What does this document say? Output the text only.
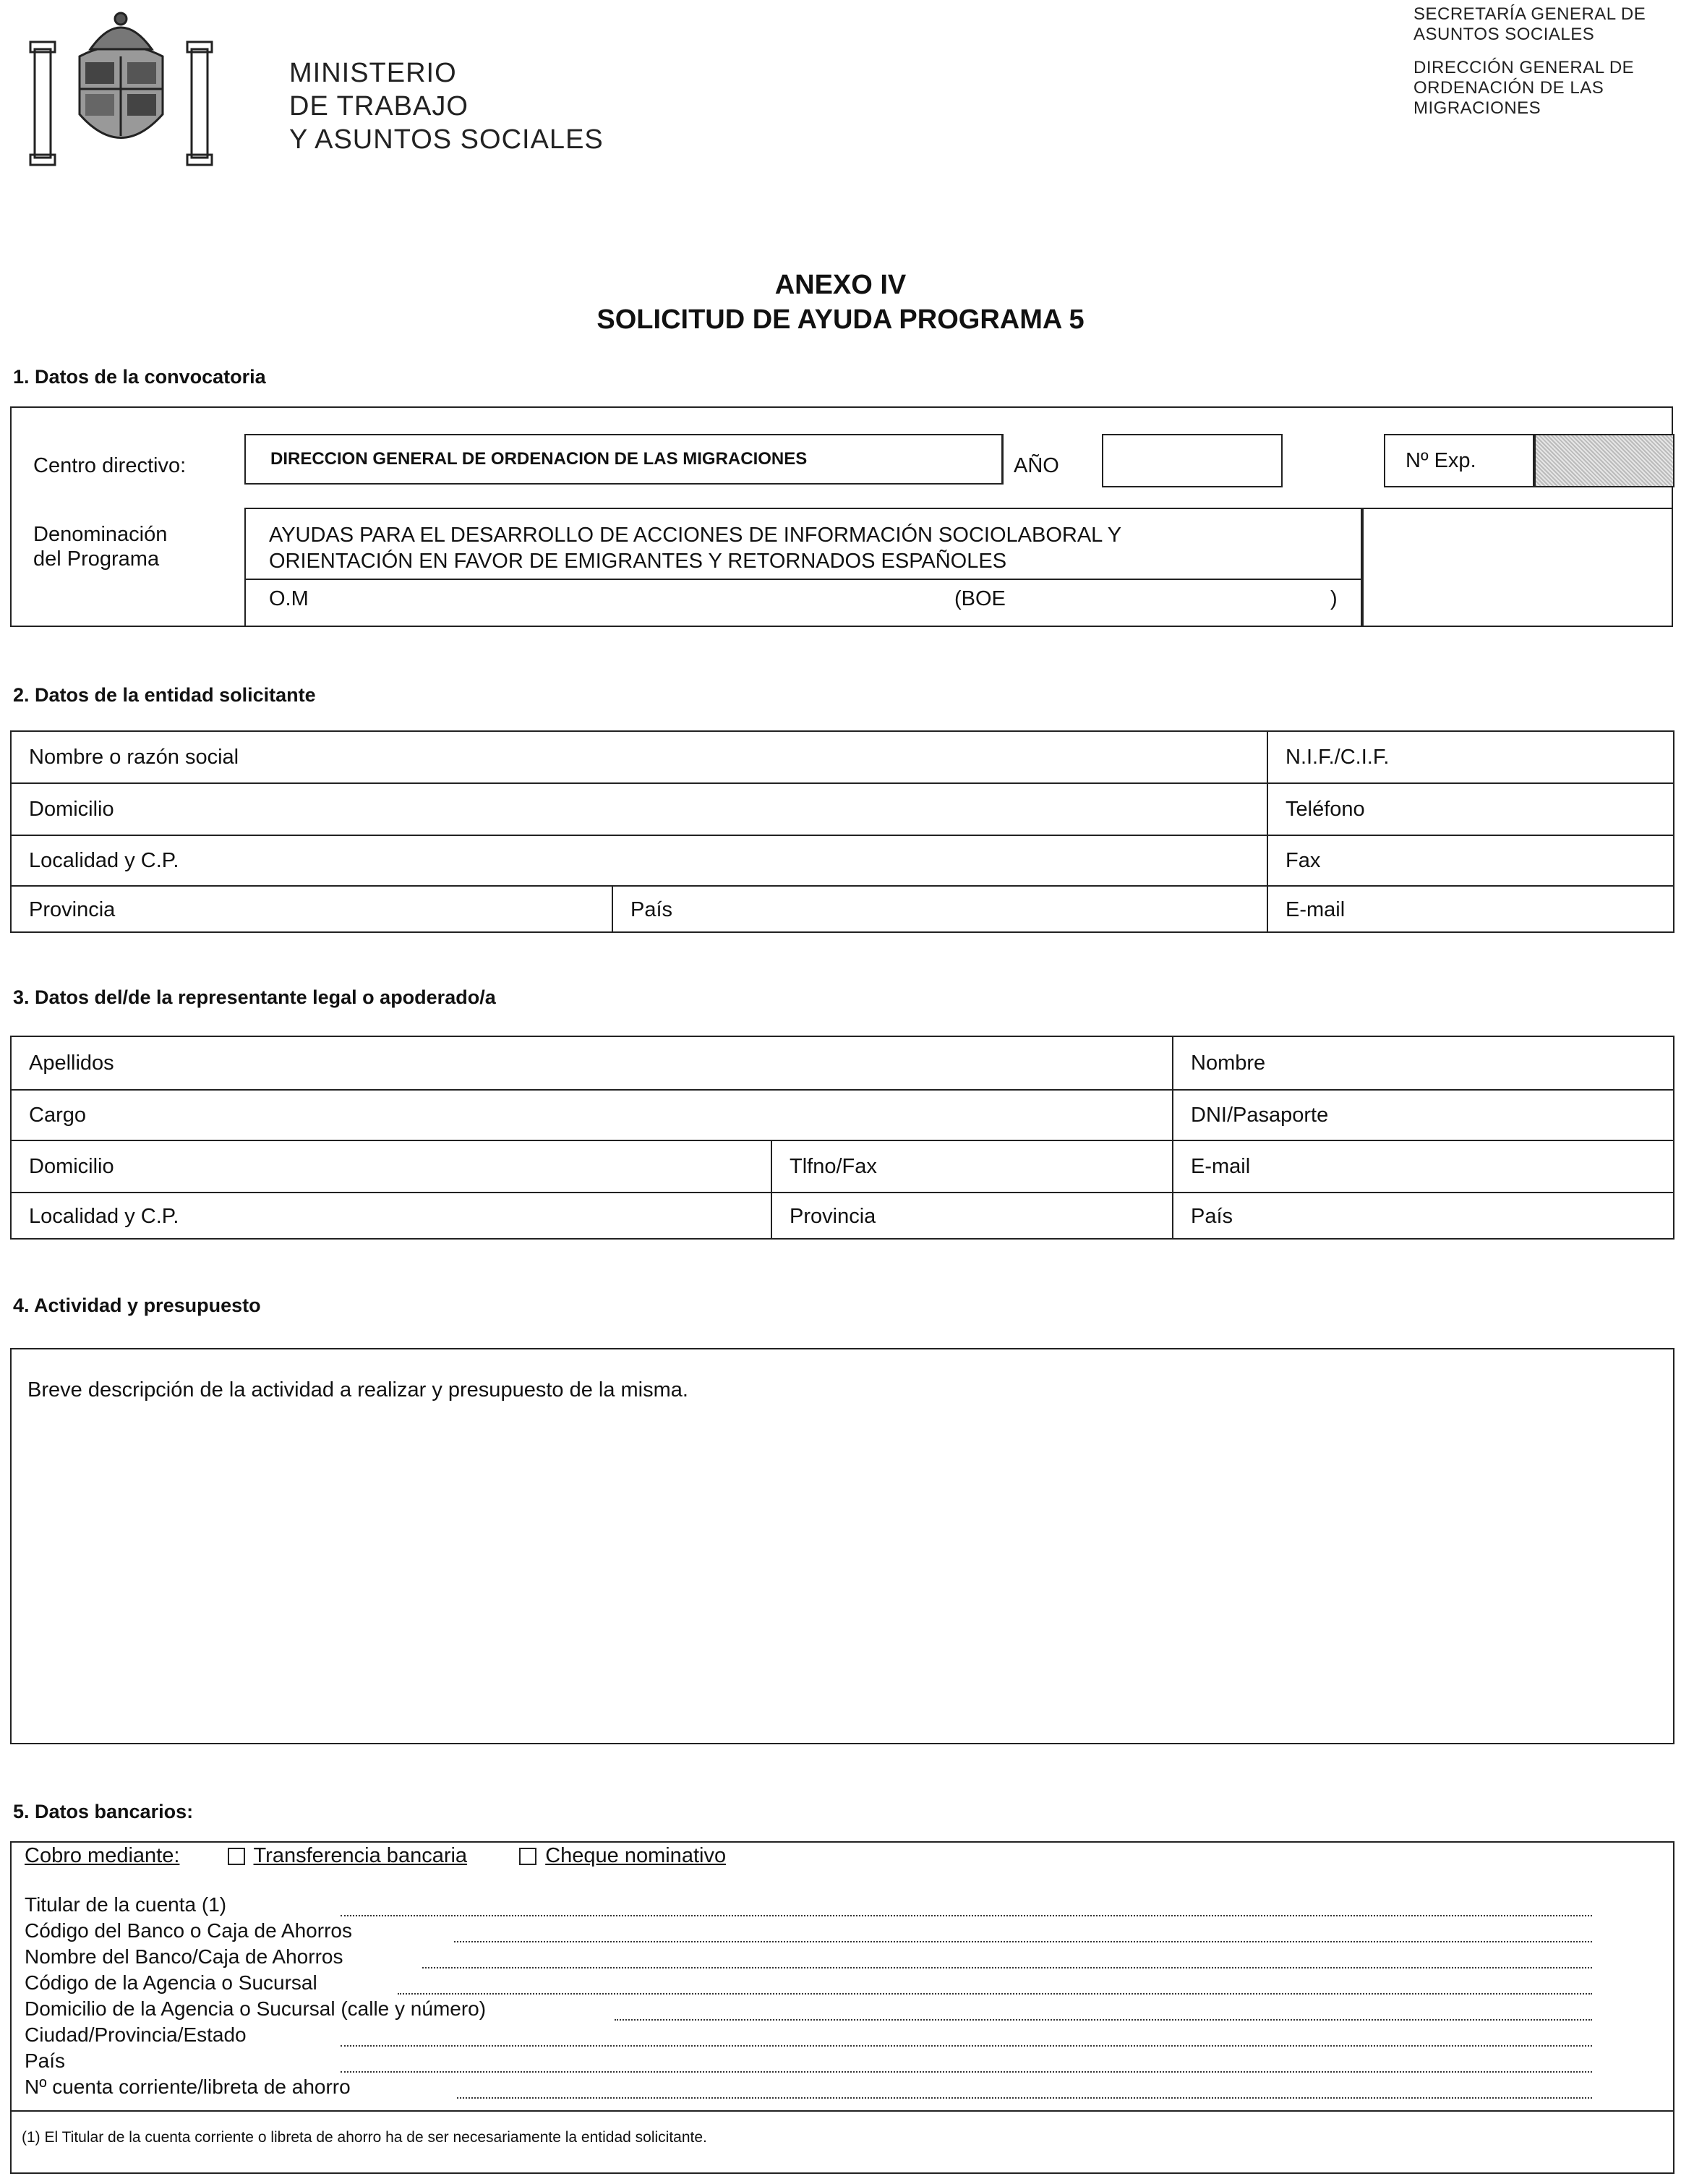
MINISTERIO
DE TRABAJO
Y ASUNTOS SOCIALES
SECRETARÍA GENERAL DE
ASUNTOS SOCIALES
DIRECCIÓN GENERAL DE
ORDENACIÓN DE LAS
MIGRACIONES
ANEXO IV
SOLICITUD DE AYUDA PROGRAMA 5
1. Datos de la convocatoria
Centro directivo:	DIRECCION GENERAL DE ORDENACION DE LAS MIGRACIONES	AÑO	Nº Exp.
Denominación
del Programa
AYUDAS PARA EL DESARROLLO DE ACCIONES DE INFORMACIÓN SOCIOLABORAL Y
ORIENTACIÓN EN FAVOR DE EMIGRANTES Y RETORNADOS ESPAÑOLES
O.M	(BOE	)
2. Datos de la entidad solicitante
Nombre o razón social	N.I.F./C.I.F.
Domicilio	Teléfono
Localidad y C.P.	Fax
Provincia	País	E-mail
3. Datos del/de la representante legal o apoderado/a
Apellidos	Nombre
Cargo	DNI/Pasaporte
Domicilio	Tlfno/Fax	E-mail
Localidad y C.P.	Provincia	País
4. Actividad y presupuesto
Breve descripción de la actividad a realizar y presupuesto de la misma.
5. Datos bancarios:
Cobro mediante:	Transferencia bancaria	Cheque nominativo
Titular de la cuenta (1)
Código del Banco o Caja de Ahorros
Nombre del Banco/Caja de Ahorros
Código de la Agencia o Sucursal
Domicilio de la Agencia o Sucursal (calle y número)
Ciudad/Provincia/Estado
País
Nº cuenta corriente/libreta de ahorro
(1) El Titular de la cuenta corriente o libreta de ahorro ha de ser necesariamente la entidad solicitante.
